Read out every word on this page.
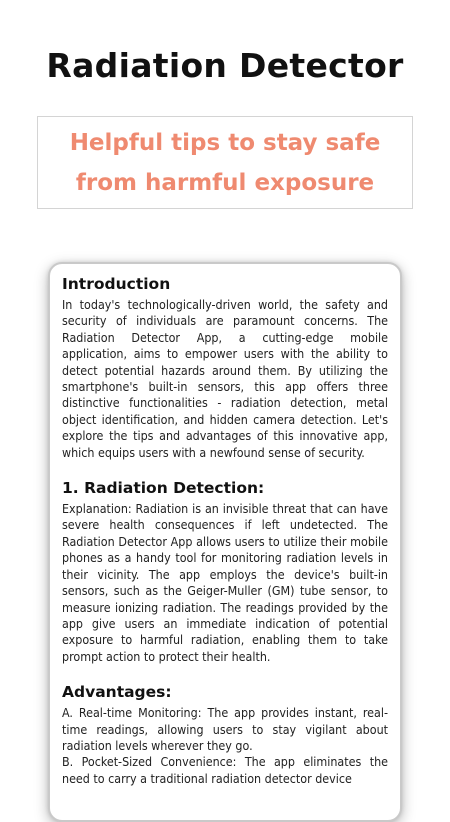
Radiation Detector
Helpful tips to stay safe
from harmful exposure
Introduction

In today's technologically-driven world, the safety and security of individuals are paramount concerns. The Radiation Detector App, a cutting-edge mobile application, aims to empower users with the ability to detect potential hazards around them. By utilizing the smartphone's built-in sensors, this app offers three distinctive functionalities - radiation detection, metal object identification, and hidden camera detection. Let's explore the tips and advantages of this innovative app, which equips users with a newfound sense of security.

1. Radiation Detection:

Explanation: Radiation is an invisible threat that can have severe health consequences if left undetected. The Radiation Detector App allows users to utilize their mobile phones as a handy tool for monitoring radiation levels in their vicinity. The app employs the device's built-in sensors, such as the Geiger-Muller (GM) tube sensor, to measure ionizing radiation. The readings provided by the app give users an immediate indication of potential exposure to harmful radiation, enabling them to take prompt action to protect their health.

Advantages:

A. Real-time Monitoring: The app provides instant, real-time readings, allowing users to stay vigilant about radiation levels wherever they go.

B. Pocket-Sized Convenience: The app eliminates the need to carry a traditional radiation detector device
